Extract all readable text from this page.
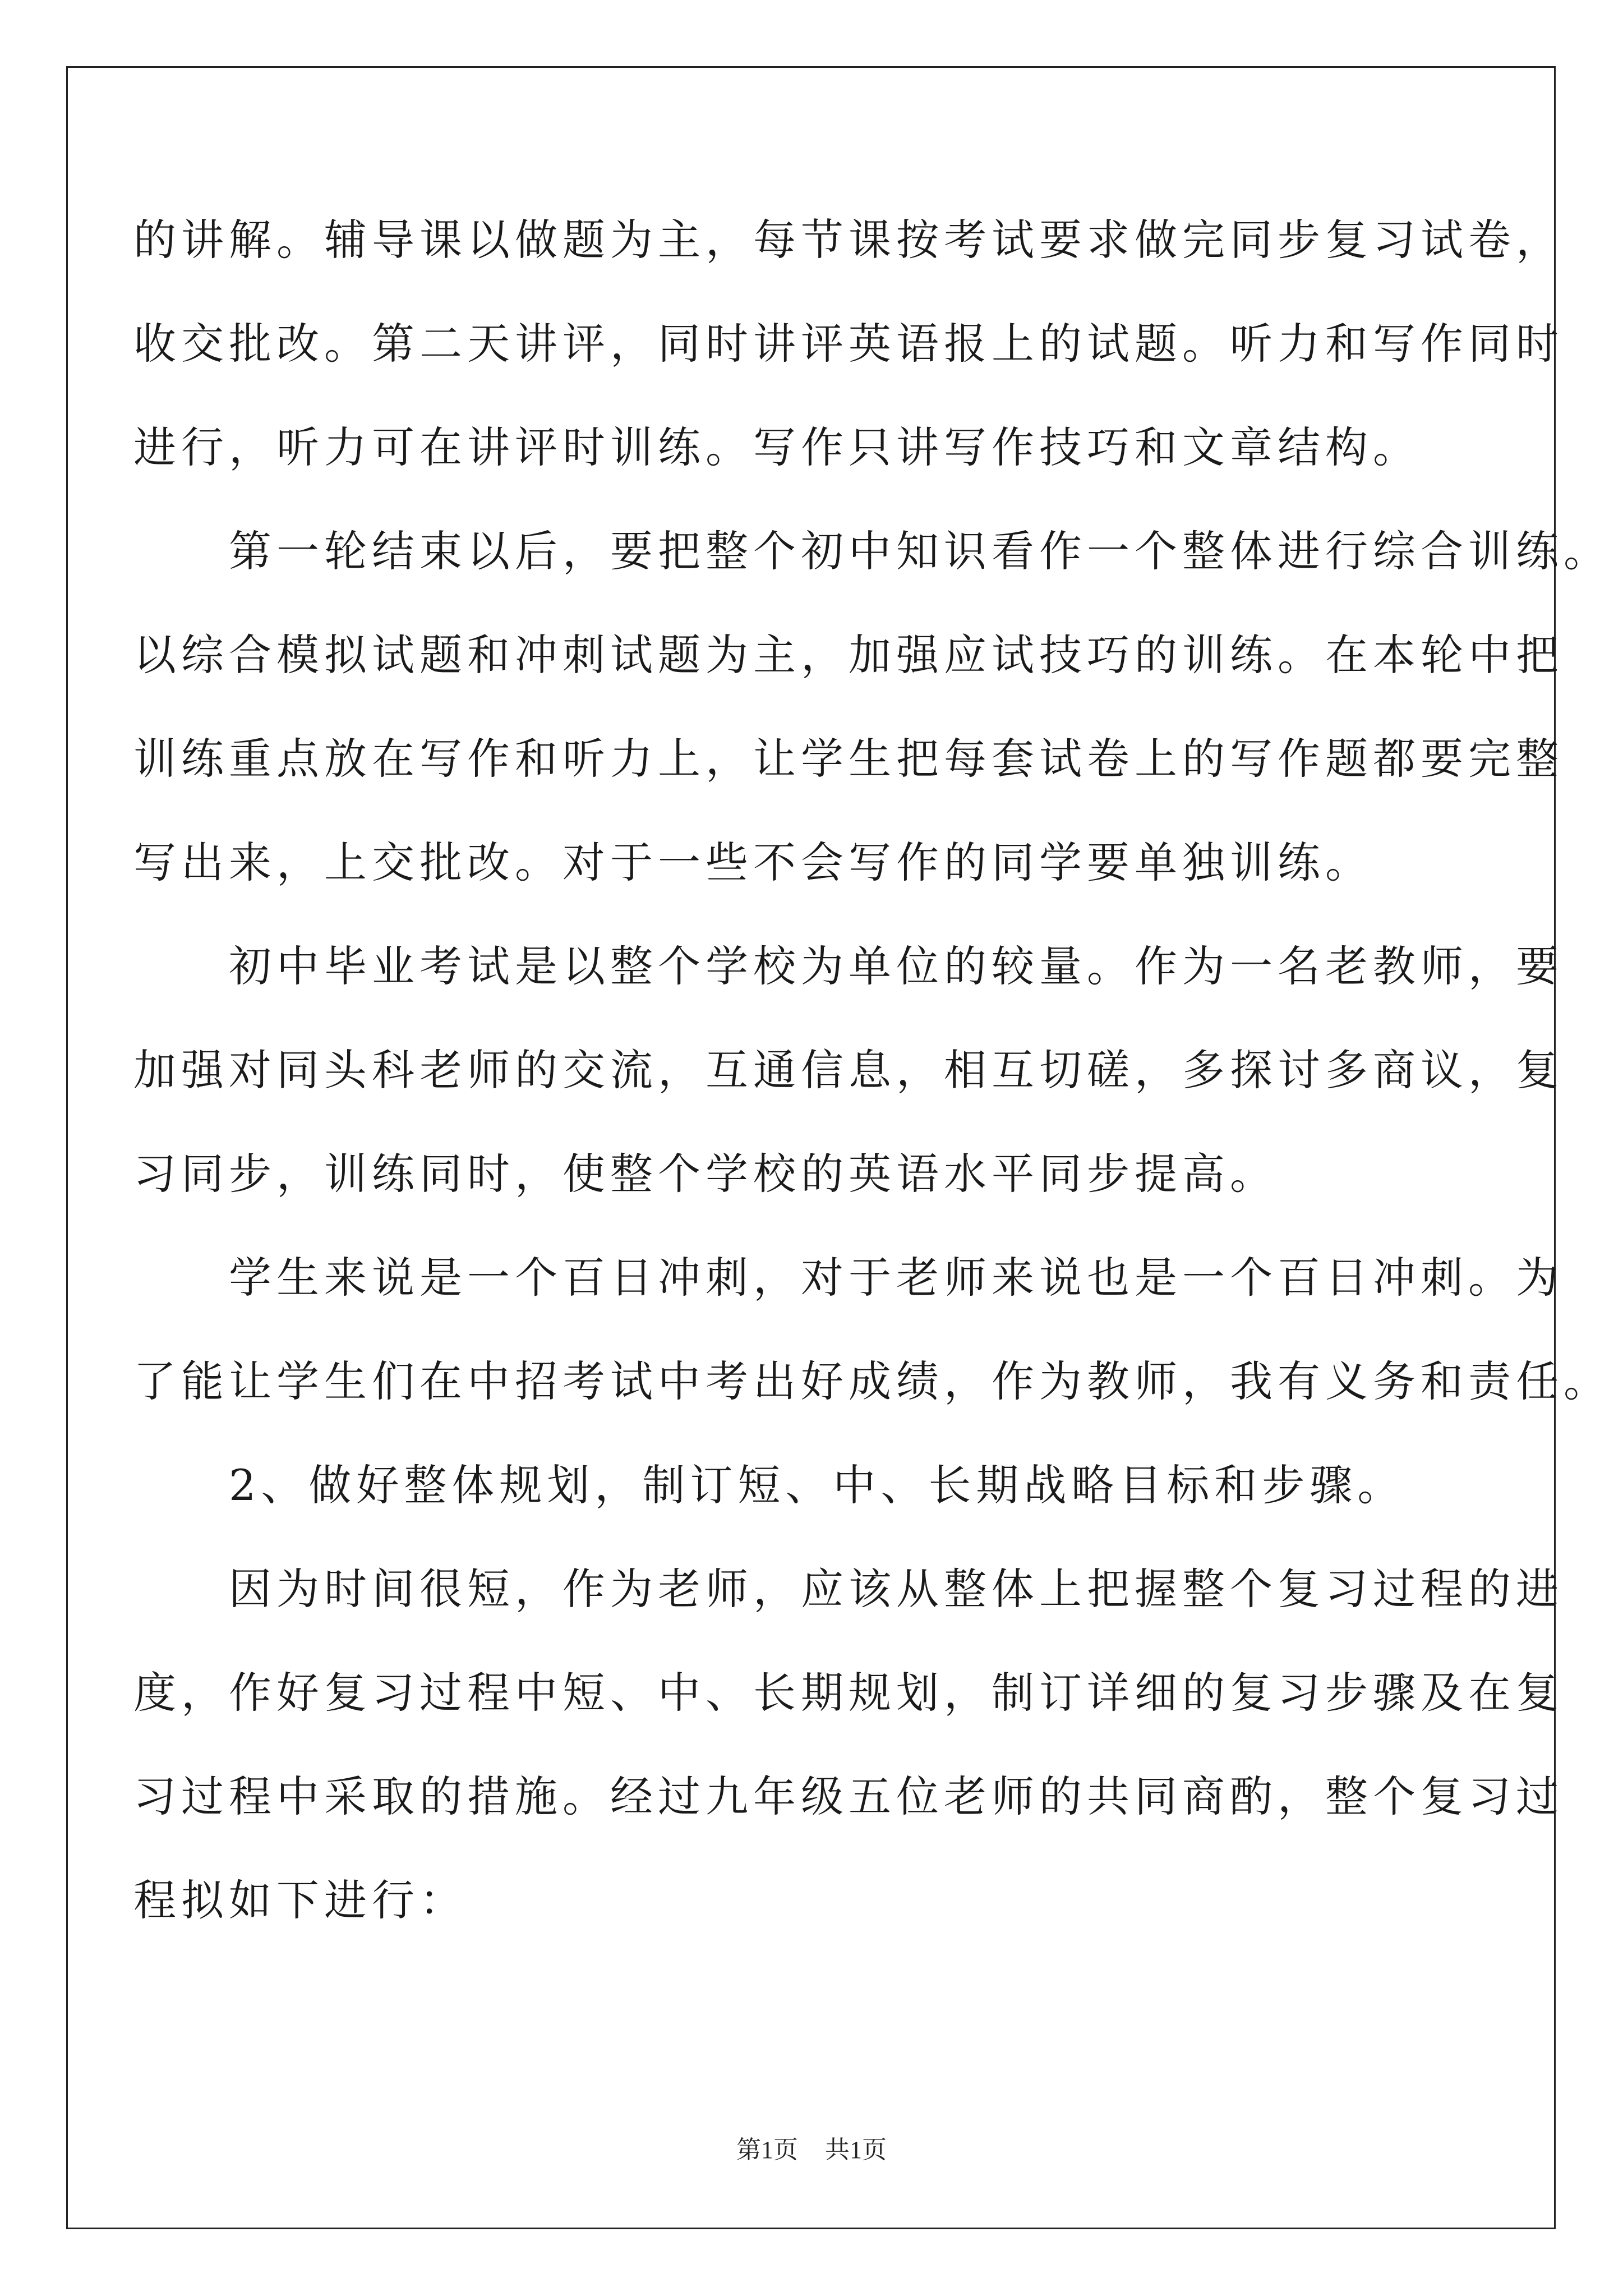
的讲解。辅导课以做题为主，每节课按考试要求做完同步复习试卷，
收交批改。第二天讲评，同时讲评英语报上的试题。听力和写作同时
进行，听力可在讲评时训练。写作只讲写作技巧和文章结构。
　　第一轮结束以后，要把整个初中知识看作一个整体进行综合训练。
以综合模拟试题和冲刺试题为主，加强应试技巧的训练。在本轮中把
训练重点放在写作和听力上，让学生把每套试卷上的写作题都要完整
写出来，上交批改。对于一些不会写作的同学要单独训练。
　　初中毕业考试是以整个学校为单位的较量。作为一名老教师，要
加强对同头科老师的交流，互通信息，相互切磋，多探讨多商议，复
习同步，训练同时，使整个学校的英语水平同步提高。
　　学生来说是一个百日冲刺，对于老师来说也是一个百日冲刺。为
了能让学生们在中招考试中考出好成绩，作为教师，我有义务和责任。
　　2、做好整体规划，制订短、中、长期战略目标和步骤。
　　因为时间很短，作为老师，应该从整体上把握整个复习过程的进
度，作好复习过程中短、中、长期规划，制订详细的复习步骤及在复
习过程中采取的措施。经过九年级五位老师的共同商酌，整个复习过
程拟如下进行：
第1页 共1页
